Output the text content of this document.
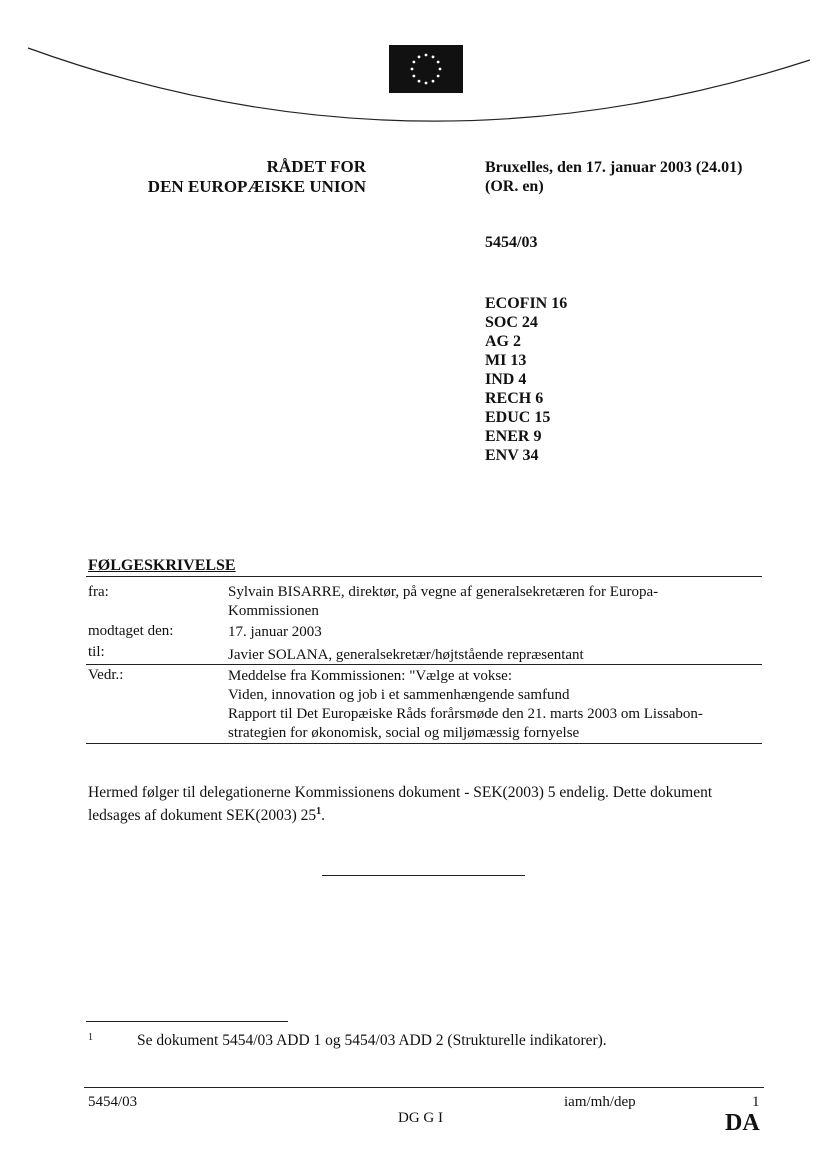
RÅDET FOR
DEN EUROPÆISKE UNION
Bruxelles, den 17. januar 2003 (24.01)
(OR. en)
5454/03
ECOFIN 16
SOC 24
AG 2
MI 13
IND 4
RECH 6
EDUC 15
ENER 9
ENV 34
FØLGESKRIVELSE
fra:	Sylvain BISARRE, direktør, på vegne af generalsekretæren for Europa-
Kommissionen
modtaget den:	17. januar 2003
til:	Javier SOLANA, generalsekretær/højtstående repræsentant
Vedr.:	Meddelse fra Kommissionen: "Vælge at vokse:
Viden, innovation og job i et sammenhængende samfund
Rapport til Det Europæiske Råds forårsmøde den 21. marts 2003 om Lissabon-
strategien for økonomisk, social og miljømæssig fornyelse
Hermed følger til delegationerne Kommissionens dokument - SEK(2003) 5 endelig. Dette dokument ledsages af dokument SEK(2003) $25^1$.
1	Se dokument 5454/03 ADD 1 og 5454/03 ADD 2 (Strukturelle indikatorer).
5454/03	iam/mh/dep	1
DG G I	DA
